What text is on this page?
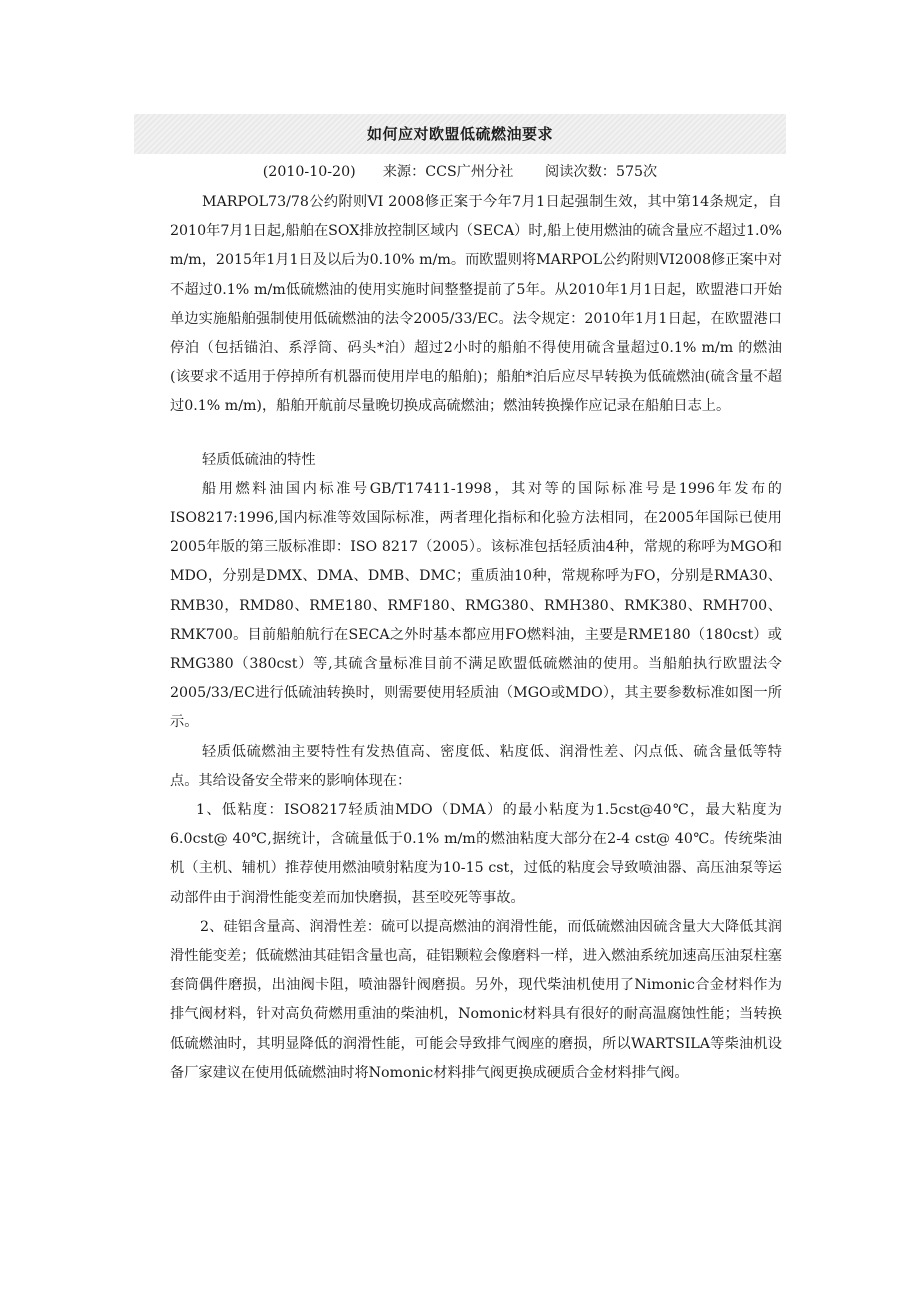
如何应对欧盟低硫燃油要求
(2010-10-20)      来源：CCS广州分社       阅读次数：575次

MARPOL73/78公约附则VI 2008修正案于今年7月1日起强制生效，其中第14条规定，自2010年7月1日起,船舶在SOX排放控制区域内（SECA）时,船上使用燃油的硫含量应不超过1.0% m/m，2015年1月1日及以后为0.10% m/m。而欧盟则将MARPOL公约附则VI2008修正案中对不超过0.1% m/m低硫燃油的使用实施时间整整提前了5年。从2010年1月1日起，欧盟港口开始单边实施船舶强制使用低硫燃油的法令2005/33/EC。法令规定：2010年1月1日起，在欧盟港口停泊（包括锚泊、系浮筒、码头*泊）超过2小时的船舶不得使用硫含量超过0.1% m/m 的燃油 (该要求不适用于停掉所有机器而使用岸电的船舶)；船舶*泊后应尽早转换为低硫燃油(硫含量不超过0.1% m/m)，船舶开航前尽量晚切换成高硫燃油；燃油转换操作应记录在船舶日志上。

轻质低硫油的特性

船用燃料油国内标准号GB/T17411-1998，其对等的国际标准号是1996年发布的ISO8217:1996,国内标准等效国际标准，两者理化指标和化验方法相同，在2005年国际已使用2005年版的第三版标准即：ISO 8217（2005）。该标准包括轻质油4种，常规的称呼为MGO和MDO，分别是DMX、DMA、DMB、DMC；重质油10种，常规称呼为FO，分别是RMA30、RMB30，RMD80、RME180、RMF180、RMG380、RMH380、RMK380、RMH700、RMK700。目前船舶航行在SECA之外时基本都应用FO燃料油，主要是RME180（180cst）或RMG380（380cst）等,其硫含量标准目前不满足欧盟低硫燃油的使用。当船舶执行欧盟法令2005/33/EC进行低硫油转换时，则需要使用轻质油（MGO或MDO），其主要参数标准如图一所示。

轻质低硫燃油主要特性有发热值高、密度低、粘度低、润滑性差、闪点低、硫含量低等特点。其给设备安全带来的影响体现在：

1、低粘度：ISO8217轻质油MDO（DMA）的最小粘度为1.5cst@40℃，最大粘度为6.0cst@ 40℃,据统计，含硫量低于0.1% m/m的燃油粘度大部分在2-4 cst@ 40℃。传统柴油机（主机、辅机）推荐使用燃油喷射粘度为10-15 cst，过低的粘度会导致喷油器、高压油泵等运动部件由于润滑性能变差而加快磨损，甚至咬死等事故。

2、硅铝含量高、润滑性差：硫可以提高燃油的润滑性能，而低硫燃油因硫含量大大降低其润滑性能变差；低硫燃油其硅铝含量也高，硅铝颗粒会像磨料一样，进入燃油系统加速高压油泵柱塞套筒偶件磨损，出油阀卡阻，喷油器针阀磨损。另外，现代柴油机使用了Nimonic合金材料作为排气阀材料，针对高负荷燃用重油的柴油机，Nomonic材料具有很好的耐高温腐蚀性能；当转换低硫燃油时，其明显降低的润滑性能，可能会导致排气阀座的磨损，所以WARTSILA等柴油机设备厂家建议在使用低硫燃油时将Nomonic材料排气阀更换成硬质合金材料排气阀。
